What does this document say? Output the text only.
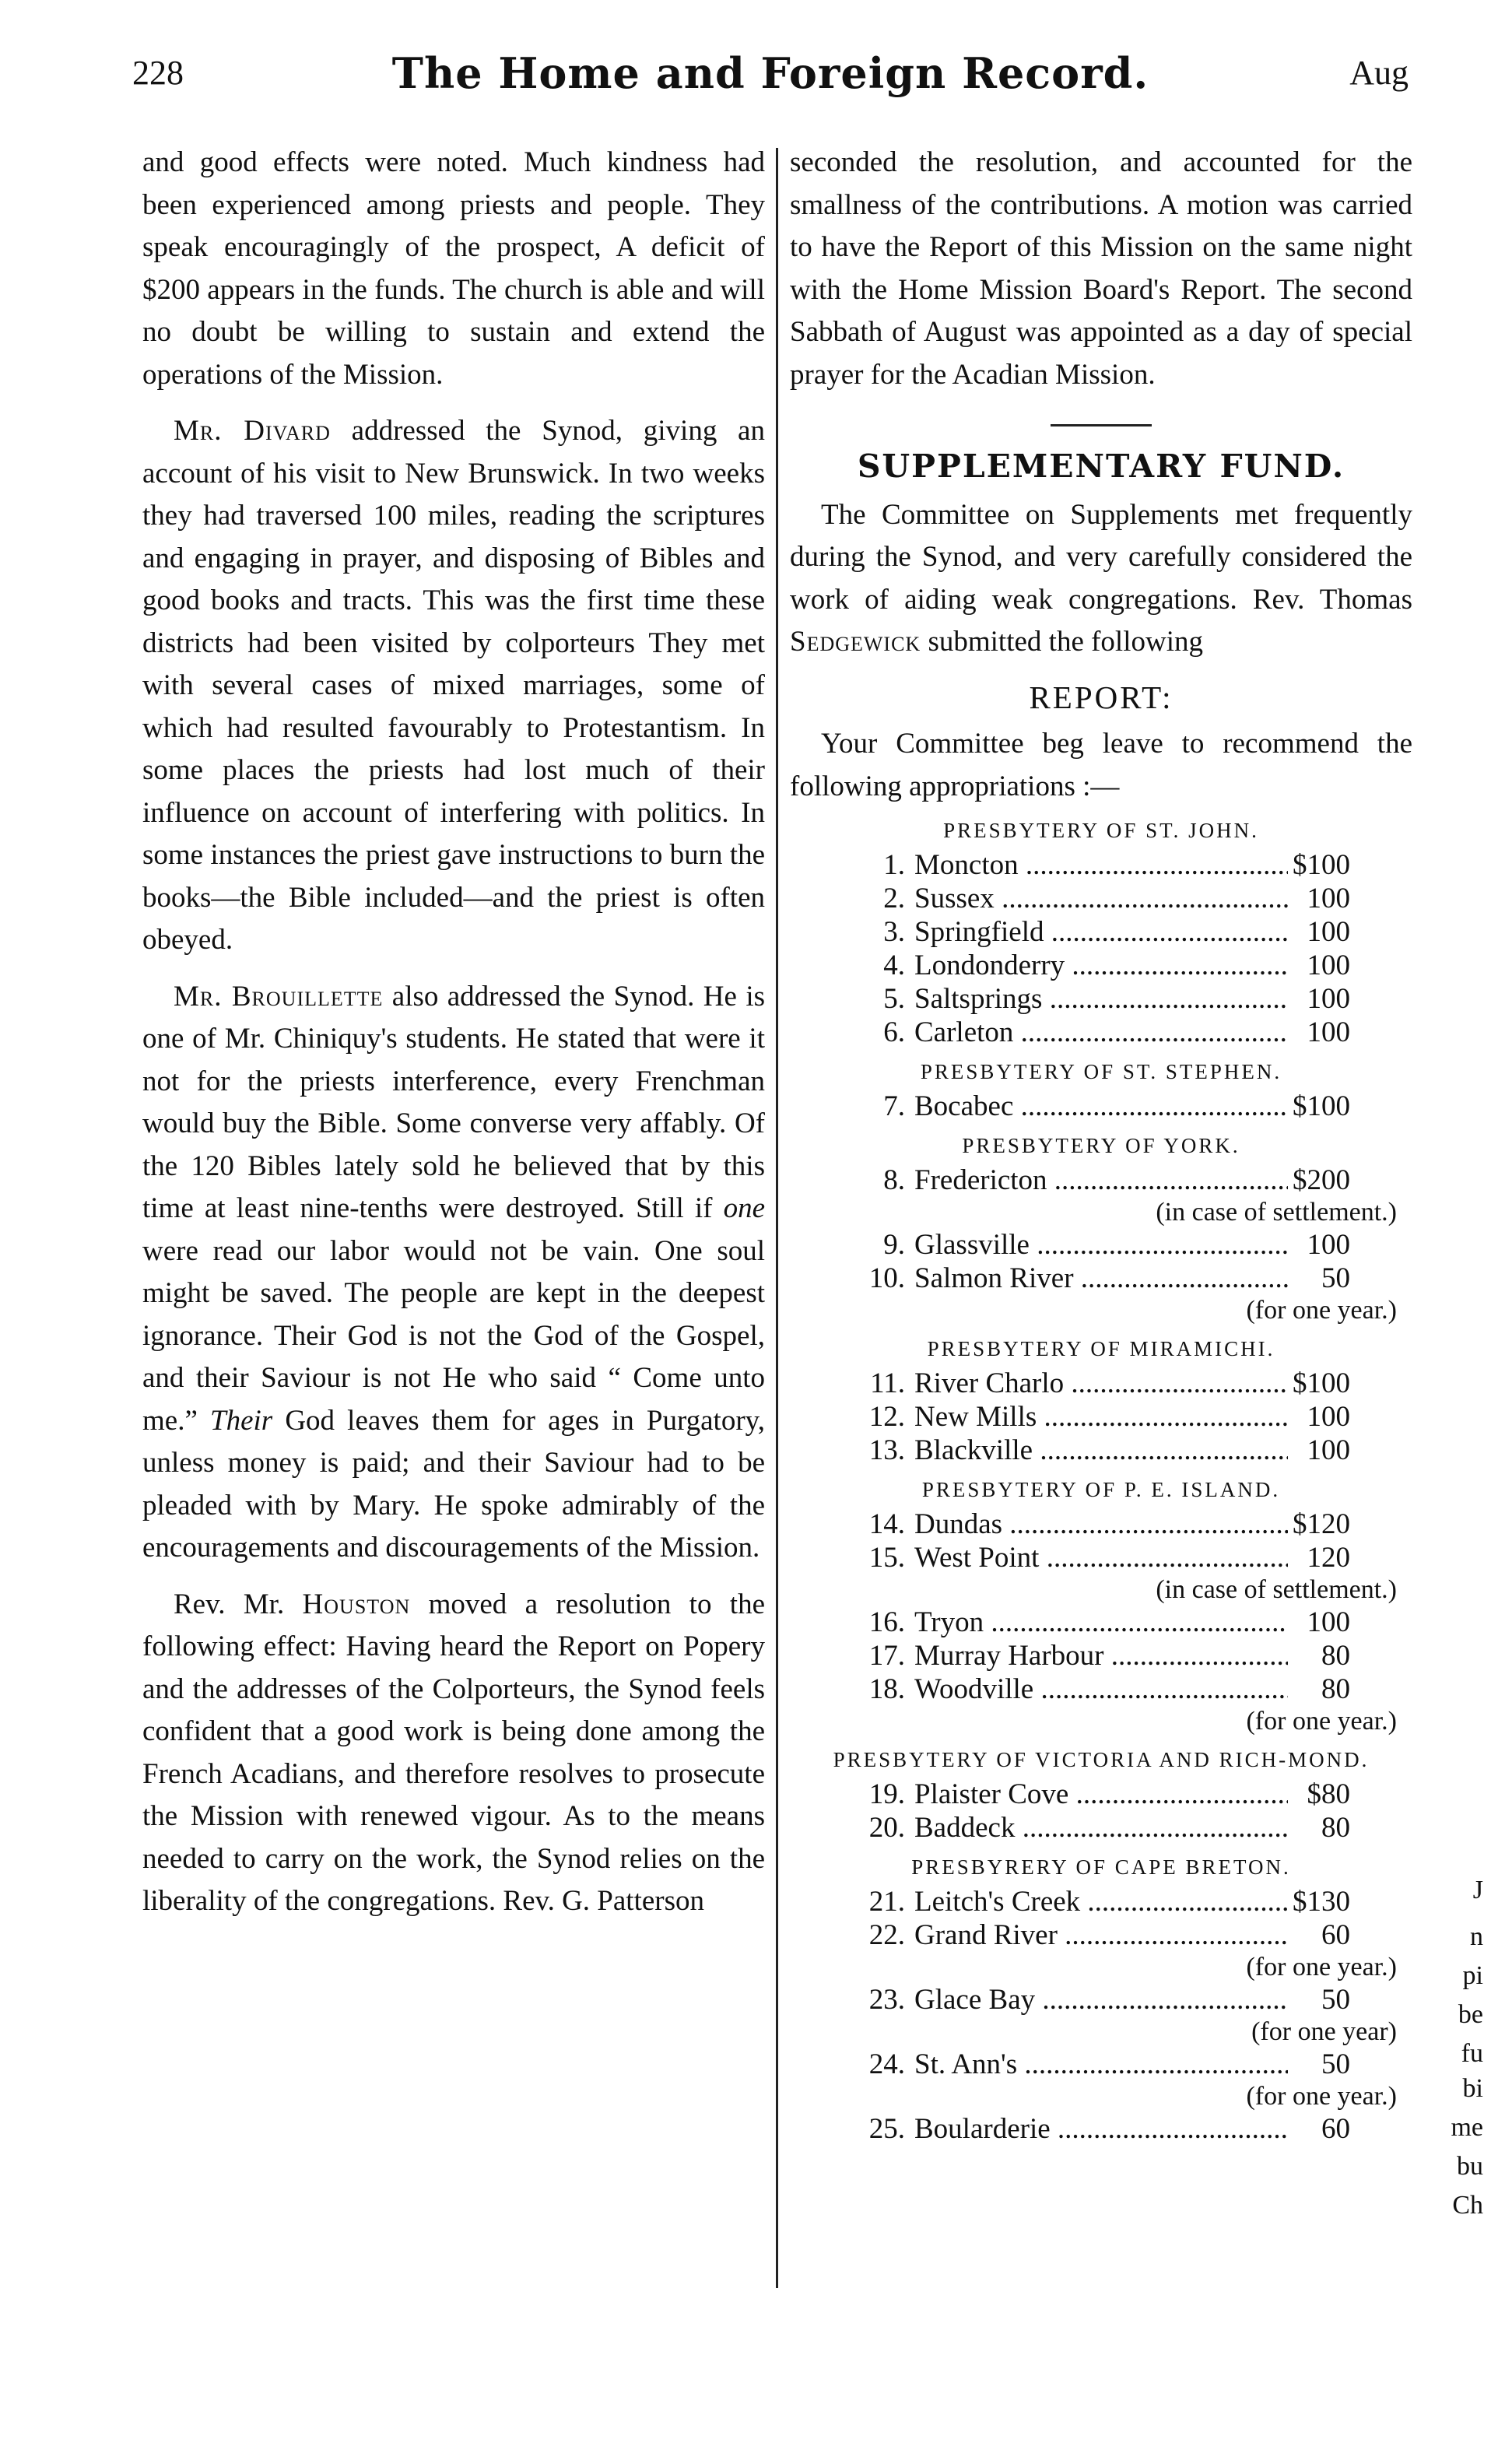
228	The Home and Foreign Record.	Aug

and good effects were noted. Much kindness had been experienced among priests and people. They speak encouragingly of the prospect, A deficit of $200 appears in the funds. The church is able and will no doubt be willing to sustain and extend the operations of the Mission.

Mr. Divard addressed the Synod, giving an account of his visit to New Brunswick. In two weeks they had traversed 100 miles, reading the scriptures and engaging in prayer, and disposing of Bibles and good books and tracts. This was the first time these districts had been visited by colporteurs They met with several cases of mixed marriages, some of which had resulted favourably to Protestantism. In some places the priests had lost much of their influence on account of interfering with politics. In some instances the priest gave instructions to burn the books—the Bible included—and the priest is often obeyed.

Mr. Brouillette also addressed the Synod. He is one of Mr. Chiniquy's students. He stated that were it not for the priests interference, every Frenchman would buy the Bible. Some converse very affably. Of the 120 Bibles lately sold he believed that by this time at least nine-tenths were destroyed. Still if one were read our labor would not be vain. One soul might be saved. The people are kept in the deepest ignorance. Their God is not the God of the Gospel, and their Saviour is not He who said “ Come unto me.” Their God leaves them for ages in Purgatory, unless money is paid; and their Saviour had to be pleaded with by Mary. He spoke admirably of the encouragements and discouragements of the Mission.

Rev. Mr. Houston moved a resolution to the following effect: Having heard the Report on Popery and the addresses of the Colporteurs, the Synod feels confident that a good work is being done among the French Acadians, and therefore resolves to prosecute the Mission with renewed vigour. As to the means needed to carry on the work, the Synod relies on the liberality of the congregations. Rev. G. Patterson

seconded the resolution, and accounted for the smallness of the contributions. A motion was carried to have the Report of this Mission on the same night with the Home Mission Board's Report. The second Sabbath of August was appointed as a day of special prayer for the Acadian Mission.

SUPPLEMENTARY FUND.

The Committee on Supplements met frequently during the Synod, and very carefully considered the work of aiding weak congregations. Rev. Thomas Sedgewick submitted the following

REPORT:

Your Committee beg leave to recommend the following appropriations :—

PRESBYTERY OF ST. JOHN.
1. Moncton .....	$100
2. Sussex .....	100
3. Springfield .....	100
4. Londonderry .....	100
5. Saltsprings .....	100
6. Carleton .....	100
PRESBYTERY OF ST. STEPHEN.
7. Bocabec .....	$100
PRESBYTERY OF YORK.
8. Fredericton .....	$200
(in case of settlement.)
9. Glassville .....	100
10. Salmon River .....	50
(for one year.)
PRESBYTERY OF MIRAMICHI.
11. River Charlo .....	$100
12. New Mills .....	100
13. Blackville .....	100
PRESBYTERY OF P. E. ISLAND.
14. Dundas .....	$120
15. West Point .....	120
(in case of settlement.)
16. Tryon .....	100
17. Murray Harbour .....	80
18. Woodville .....	80
(for one year.)
PRESBYTERY OF VICTORIA AND RICH-MOND.
19. Plaister Cove .....	$80
20. Baddeck .....	80
PRESBYRERY OF CAPE BRETON.
21. Leitch's Creek .....	$130
22. Grand River .....	60
(for one year.)
23. Glace Bay .....	50
(for one year)
24. St. Ann's .....	50
(for one year.)
25. Boularderie .....	60
J
n
pi
be
fu
bi
me
bu
Ch
